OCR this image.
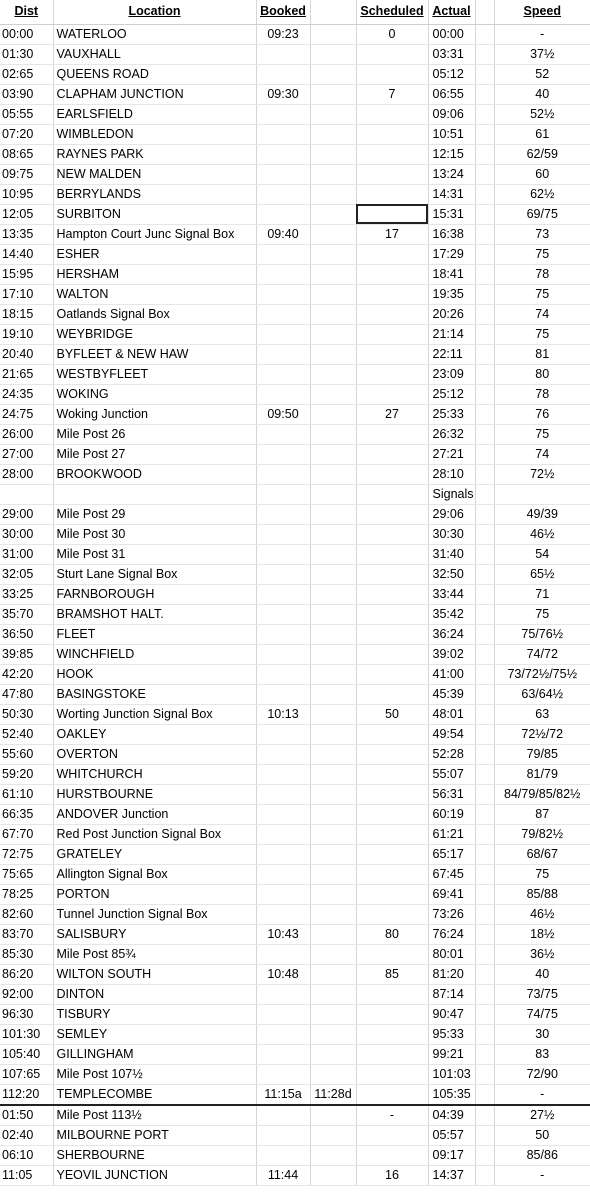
Dist	Location	Booked		Scheduled	Actual		Speed
00:00	WATERLOO	09:23		0	00:00		-
01:30	VAUXHALL				03:31		37½
02:65	QUEENS ROAD				05:12		52
03:90	CLAPHAM JUNCTION	09:30		7	06:55		40
05:55	EARLSFIELD				09:06		52½
07:20	WIMBLEDON				10:51		61
08:65	RAYNES PARK				12:15		62/59
09:75	NEW MALDEN				13:24		60
10:95	BERRYLANDS				14:31		62½
12:05	SURBITON				15:31		69/75
13:35	Hampton Court Junc Signal Box	09:40		17	16:38		73
14:40	ESHER				17:29		75
15:95	HERSHAM				18:41		78
17:10	WALTON				19:35		75
18:15	Oatlands Signal Box				20:26		74
19:10	WEYBRIDGE				21:14		75
20:40	BYFLEET & NEW HAW				22:11		81
21:65	WESTBYFLEET				23:09		80
24:35	WOKING				25:12		78
24:75	Woking Junction	09:50		27	25:33		76
26:00	Mile Post 26				26:32		75
27:00	Mile Post 27				27:21		74
28:00	BROOKWOOD				28:10		72½
					Signals		
29:00	Mile Post 29				29:06		49/39
30:00	Mile Post 30				30:30		46½
31:00	Mile Post 31				31:40		54
32:05	Sturt Lane Signal Box				32:50		65½
33:25	FARNBOROUGH				33:44		71
35:70	BRAMSHOT HALT.				35:42		75
36:50	FLEET				36:24		75/76½
39:85	WINCHFIELD				39:02		74/72
42:20	HOOK				41:00		73/72½/75½
47:80	BASINGSTOKE				45:39		63/64½
50:30	Worting Junction Signal Box	10:13		50	48:01		63
52:40	OAKLEY				49:54		72½/72
55:60	OVERTON				52:28		79/85
59:20	WHITCHURCH				55:07		81/79
61:10	HURSTBOURNE				56:31		84/79/85/82½
66:35	ANDOVER Junction				60:19		87
67:70	Red Post Junction Signal Box				61:21		79/82½
72:75	GRATELEY				65:17		68/67
75:65	Allington Signal Box				67:45		75
78:25	PORTON				69:41		85/88
82:60	Tunnel Junction Signal Box				73:26		46½
83:70	SALISBURY	10:43		80	76:24		18½
85:30	Mile Post 85¾				80:01		36½
86:20	WILTON SOUTH	10:48		85	81:20		40
92:00	DINTON				87:14		73/75
96:30	TISBURY				90:47		74/75
101:30	SEMLEY				95:33		30
105:40	GILLINGHAM				99:21		83
107:65	Mile Post 107½				101:03		72/90
112:20	TEMPLECOMBE	11:15a	11:28d		105:35		-
01:50	Mile Post 113½			-	04:39		27½
02:40	MILBOURNE PORT				05:57		50
06:10	SHERBOURNE				09:17		85/86
11:05	YEOVIL JUNCTION	11:44		16	14:37		-
